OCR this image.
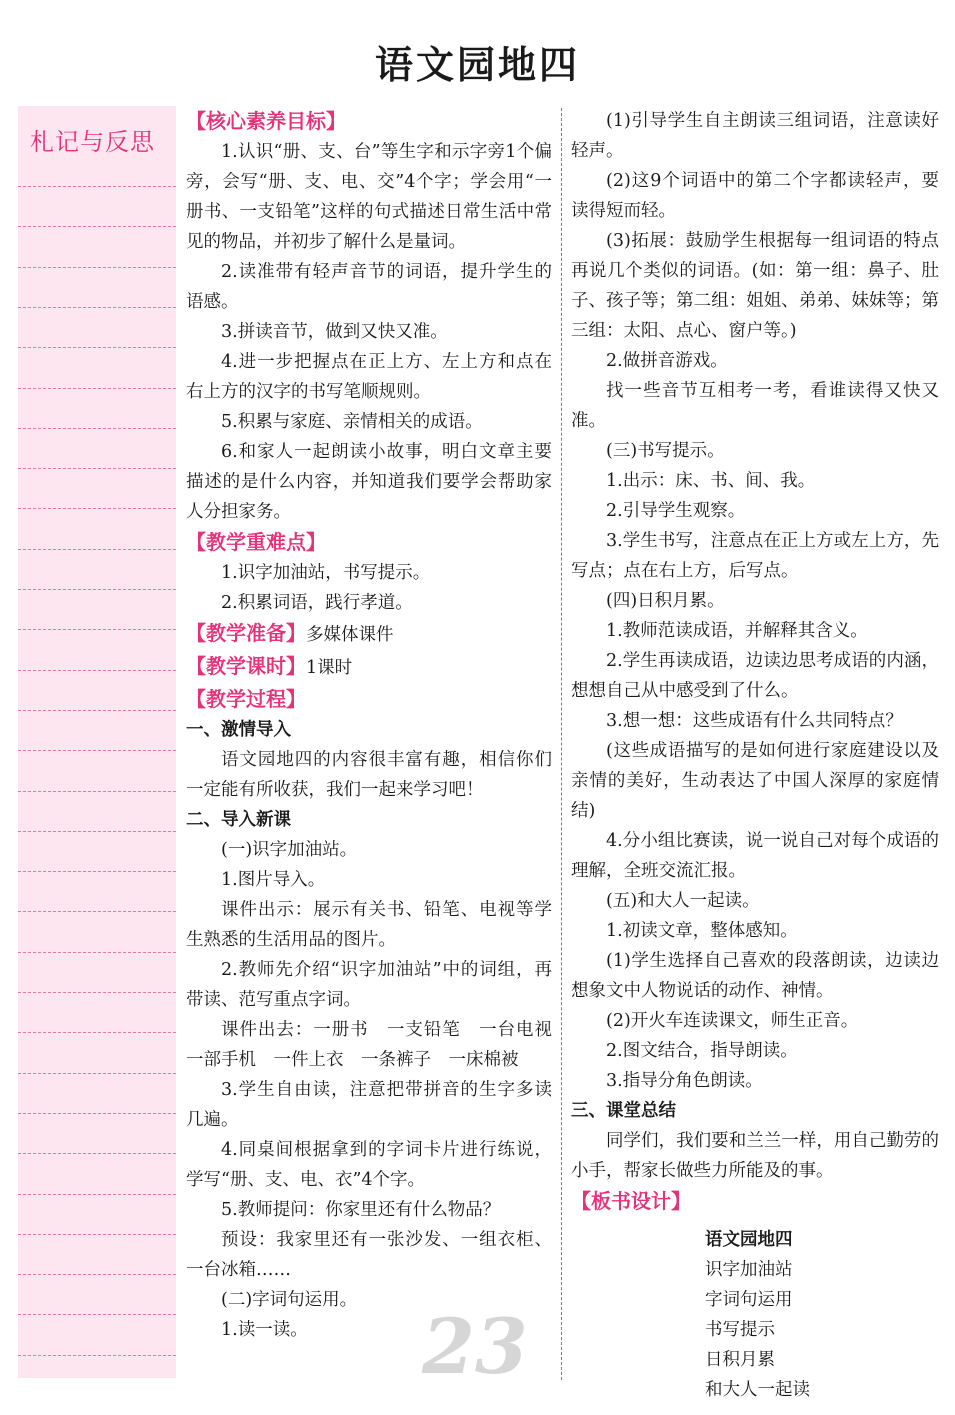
语文园地四
札记与反思

【核心素养目标】

1.认识“册、支、台”等生字和示字旁1个偏旁，会写“册、支、电、交”4个字；学会用“一册书、一支铅笔”这样的句式描述日常生活中常见的物品，并初步了解什么是量词。

2.读准带有轻声音节的词语，提升学生的语感。

3.拼读音节，做到又快又准。

4.进一步把握点在正上方、左上方和点在右上方的汉字的书写笔顺规则。

5.积累与家庭、亲情相关的成语。

6.和家人一起朗读小故事，明白文章主要描述的是什么内容，并知道我们要学会帮助家人分担家务。

【教学重难点】

1.识字加油站，书写提示。

2.积累词语，践行孝道。

【教学准备】多媒体课件

【教学课时】1课时

【教学过程】

一、激情导入

语文园地四的内容很丰富有趣，相信你们一定能有所收获，我们一起来学习吧！

二、导入新课

(一)识字加油站。

1.图片导入。

课件出示：展示有关书、铅笔、电视等学生熟悉的生活用品的图片。

2.教师先介绍“识字加油站”中的词组，再带读、范写重点字词。

课件出去：一册书　一支铅笔　一台电视　一部手机　一件上衣　一条裤子　一床棉被

3.学生自由读，注意把带拼音的生字多读几遍。

4.同桌间根据拿到的字词卡片进行练说，学写“册、支、电、衣”4个字。

5.教师提问：你家里还有什么物品？

预设：我家里还有一张沙发、一组衣柜、一台冰箱……

(二)字词句运用。

1.读一读。	23

(1)引导学生自主朗读三组词语，注意读好轻声。

(2)这9个词语中的第二个字都读轻声，要读得短而轻。

(3)拓展：鼓励学生根据每一组词语的特点再说几个类似的词语。(如：第一组：鼻子、肚子、孩子等；第二组：姐姐、弟弟、妹妹等；第三组：太阳、点心、窗户等。)

2.做拼音游戏。

找一些音节互相考一考，看谁读得又快又准。

(三)书写提示。

1.出示：床、书、间、我。

2.引导学生观察。

3.学生书写，注意点在正上方或左上方，先写点；点在右上方，后写点。

(四)日积月累。

1.教师范读成语，并解释其含义。

2.学生再读成语，边读边思考成语的内涵，想想自己从中感受到了什么。

3.想一想：这些成语有什么共同特点？

(这些成语描写的是如何进行家庭建设以及亲情的美好，生动表达了中国人深厚的家庭情结)

4.分小组比赛读，说一说自己对每个成语的理解，全班交流汇报。

(五)和大人一起读。

1.初读文章，整体感知。

(1)学生选择自己喜欢的段落朗读，边读边想象文中人物说话的动作、神情。

(2)开火车连读课文，师生正音。

2.图文结合，指导朗读。

3.指导分角色朗读。

三、课堂总结

同学们，我们要和兰兰一样，用自己勤劳的小手，帮家长做些力所能及的事。

【板书设计】

语文园地四
识字加油站
字词句运用
书写提示
日积月累
和大人一起读
